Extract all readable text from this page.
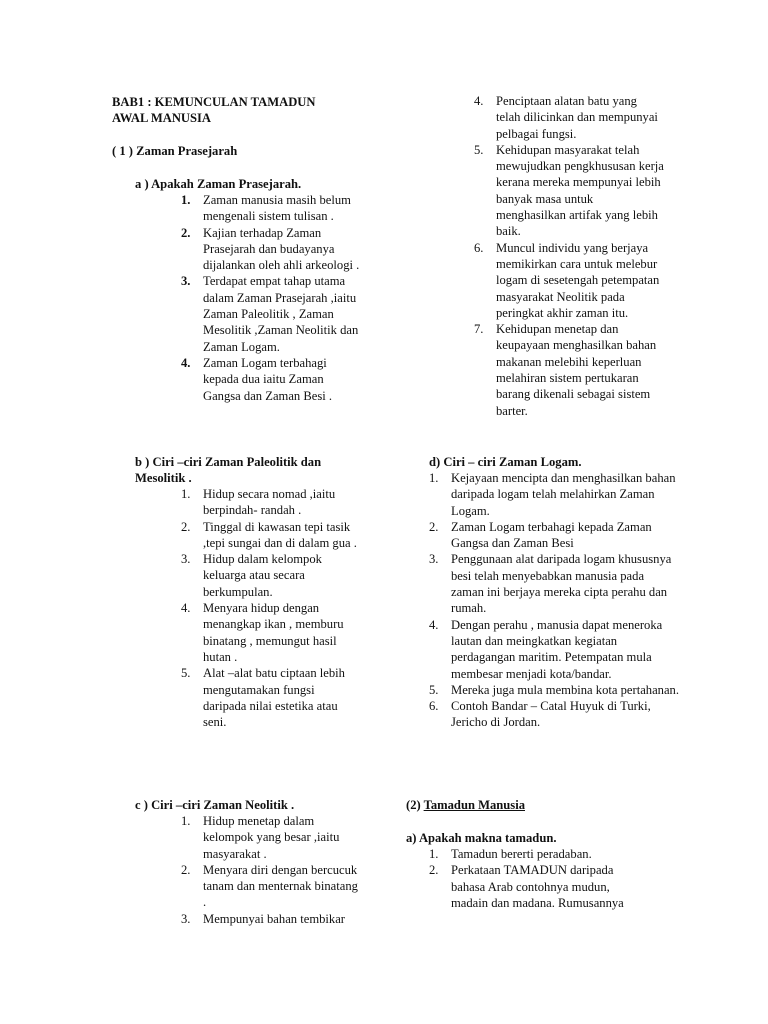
BAB1 : KEMUNCULAN TAMADUN
AWAL MANUSIA
( 1 ) Zaman Prasejarah
a ) Apakah Zaman Prasejarah.
1. Zaman manusia masih belum mengenali sistem tulisan .
2. Kajian terhadap Zaman Prasejarah dan budayanya dijalankan oleh ahli arkeologi .
3. Terdapat empat tahap utama dalam Zaman Prasejarah ,iaitu Zaman Paleolitik , Zaman Mesolitik ,Zaman Neolitik dan Zaman Logam.
4. Zaman Logam terbahagi kepada dua iaitu Zaman Gangsa dan Zaman Besi .
b ) Ciri –ciri Zaman Paleolitik dan Mesolitik .
1. Hidup secara nomad ,iaitu berpindah- randah .
2. Tinggal di kawasan tepi tasik ,tepi sungai dan di dalam gua .
3. Hidup dalam kelompok keluarga atau secara berkumpulan.
4. Menyara hidup dengan menangkap ikan , memburu binatang , memungut hasil hutan .
5. Alat –alat batu ciptaan lebih mengutamakan fungsi daripada nilai estetika atau seni.
c ) Ciri –ciri Zaman Neolitik .
1. Hidup menetap dalam kelompok yang besar ,iaitu masyarakat .
2. Menyara diri dengan bercucuk tanam dan menternak binatang .
3. Mempunyai bahan tembikar
4. Penciptaan alatan batu yang telah dilicinkan dan mempunyai pelbagai fungsi.
5. Kehidupan masyarakat telah mewujudkan pengkhususan kerja kerana mereka mempunyai lebih banyak masa untuk menghasilkan artifak yang lebih baik.
6. Muncul individu yang berjaya memikirkan cara untuk melebur logam di sesetengah petempatan masyarakat Neolitik pada peringkat akhir zaman itu.
7. Kehidupan menetap dan keupayaan menghasilkan bahan makanan melebihi keperluan melahiran sistem pertukaran barang dikenali sebagai sistem barter.
d) Ciri – ciri Zaman Logam.
1. Kejayaan mencipta dan menghasilkan bahan daripada logam telah melahirkan Zaman Logam.
2. Zaman Logam terbahagi kepada Zaman Gangsa dan Zaman Besi
3. Penggunaan alat daripada logam khususnya besi telah menyebabkan manusia pada zaman ini berjaya mereka cipta perahu dan rumah.
4. Dengan perahu , manusia dapat meneroka lautan dan meingkatkan kegiatan perdagangan maritim. Petempatan mula membesar menjadi kota/bandar.
5. Mereka juga mula membina kota pertahanan.
6. Contoh Bandar – Catal Huyuk di Turki, Jericho di Jordan.
(2) Tamadun Manusia
a) Apakah makna tamadun.
1. Tamadun bererti peradaban.
2. Perkataan TAMADUN daripada bahasa Arab contohnya mudun, madain dan madana. Rumusannya
